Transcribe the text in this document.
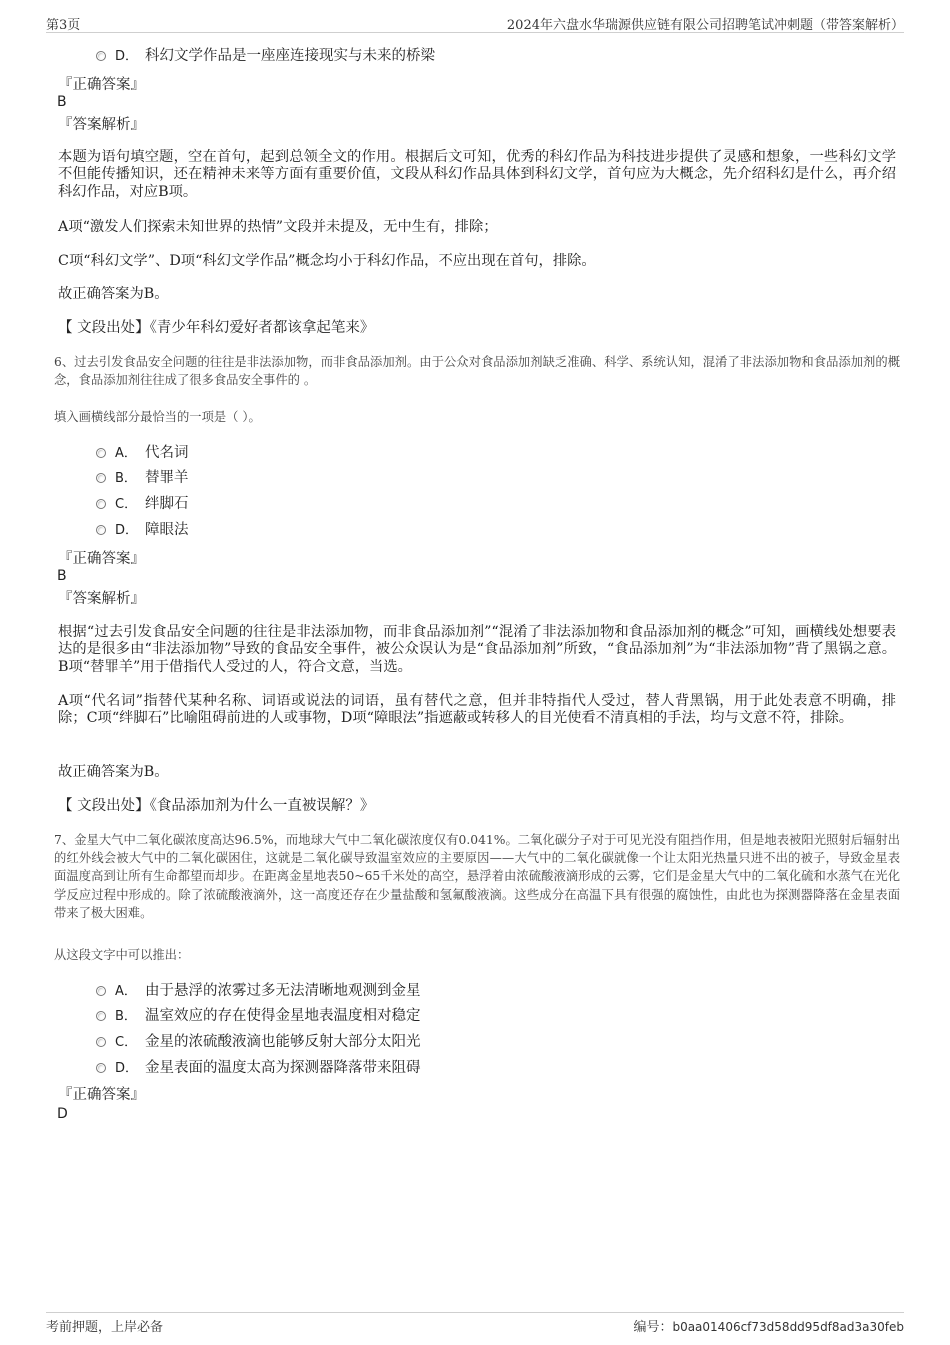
第3页	2024年六盘水华瑞源供应链有限公司招聘笔试冲刺题（带答案解析）
D． 科幻文学作品是一座座连接现实与未来的桥梁
『正确答案』
B
『答案解析』
本题为语句填空题，空在首句，起到总领全文的作用。根据后文可知，优秀的科幻作品为科技进步提供了灵感和想象，一些科幻文学不但能传播知识，还在精神未来等方面有重要价值，文段从科幻作品具体到科幻文学，首句应为大概念，先介绍科幻是什么，再介绍科幻作品，对应B项。
A项“激发人们探索未知世界的热情”文段并未提及，无中生有，排除；
C项“科幻文学”、D项“科幻文学作品”概念均小于科幻作品，不应出现在首句，排除。
故正确答案为B。
【 文段出处】《青少年科幻爱好者都该拿起笔来》
6、过去引发食品安全问题的往往是非法添加物，而非食品添加剂。由于公众对食品添加剂缺乏准确、科学、系统认知，混淆了非法添加物和食品添加剂的概念，食品添加剂往往成了很多食品安全事件的 。
填入画横线部分最恰当的一项是（ ）。
A． 代名词
B． 替罪羊
C． 绊脚石
D． 障眼法
『正确答案』
B
『答案解析』
根据“过去引发食品安全问题的往往是非法添加物，而非食品添加剂”“混淆了非法添加物和食品添加剂的概念”可知，画横线处想要表达的是很多由“非法添加物”导致的食品安全事件，被公众误认为是“食品添加剂”所致，“食品添加剂”为“非法添加物”背了黑锅之意。B项“替罪羊”用于借指代人受过的人，符合文意，当选。
A项“代名词”指替代某种名称、词语或说法的词语，虽有替代之意，但并非特指代人受过，替人背黑锅，用于此处表意不明确，排除；C项“绊脚石”比喻阻碍前进的人或事物，D项“障眼法”指遮蔽或转移人的目光使看不清真相的手法，均与文意不符，排除。
故正确答案为B。
【 文段出处】《食品添加剂为什么一直被误解？》
7、金星大气中二氧化碳浓度高达96.5%，而地球大气中二氧化碳浓度仅有0.041%。二氧化碳分子对于可见光没有阻挡作用，但是地表被阳光照射后辐射出的红外线会被大气中的二氧化碳困住，这就是二氧化碳导致温室效应的主要原因——大气中的二氧化碳就像一个让太阳光热量只进不出的被子，导致金星表面温度高到让所有生命都望而却步。在距离金星地表50~65千米处的高空，悬浮着由浓硫酸液滴形成的云雾，它们是金星大气中的二氧化硫和水蒸气在光化学反应过程中形成的。除了浓硫酸液滴外，这一高度还存在少量盐酸和氢氟酸液滴。这些成分在高温下具有很强的腐蚀性，由此也为探测器降落在金星表面带来了极大困难。
从这段文字中可以推出：
A． 由于悬浮的浓雾过多无法清晰地观测到金星
B． 温室效应的存在使得金星地表温度相对稳定
C． 金星的浓硫酸液滴也能够反射大部分太阳光
D． 金星表面的温度太高为探测器降落带来阻碍
『正确答案』
D
考前押题，上岸必备	编号：b0aa01406cf73d58dd95df8ad3a30feb
